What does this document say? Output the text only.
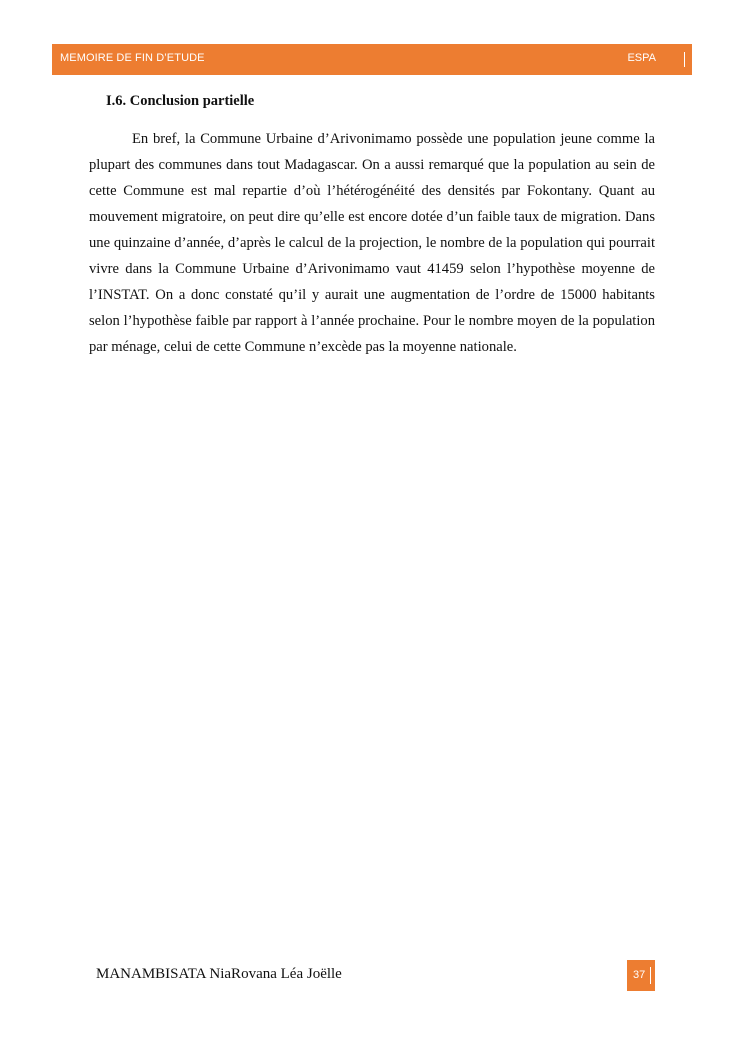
MEMOIRE DE FIN D’ETUDE	ESPA
I.6. Conclusion partielle

En bref, la Commune Urbaine d’Arivonimamo possède une population jeune comme la plupart des communes dans tout Madagascar. On a aussi remarqué que la population au sein de cette Commune est mal repartie d’où l’hétérogénéité des densités par Fokontany. Quant au mouvement migratoire, on peut dire qu’elle est encore dotée d’un faible taux de migration. Dans une quinzaine d’année, d’après le calcul de la projection, le nombre de la population qui pourrait vivre dans la Commune Urbaine d’Arivonimamo vaut 41459 selon l’hypothèse moyenne de l’INSTAT. On a donc constaté qu’il y aurait une augmentation de l’ordre de 15000 habitants selon l’hypothèse faible par rapport à l’année prochaine. Pour le nombre moyen de la population par ménage, celui de cette Commune n’excède pas la moyenne nationale.

MANAMBISATA NiaRovana Léa Joëlle	37
